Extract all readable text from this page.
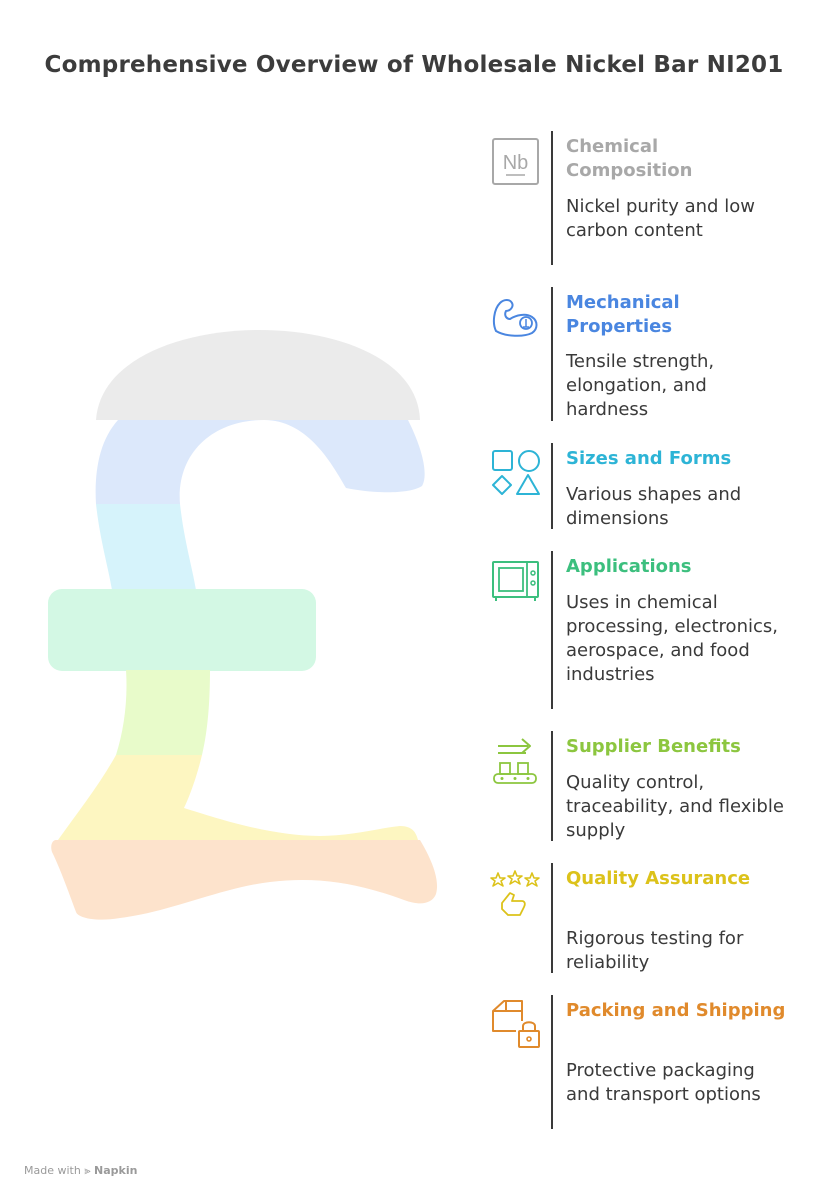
Comprehensive Overview of Wholesale Nickel Bar NI201
Nb
Chemical Composition
Nickel purity and low carbon content
Mechanical Properties
Tensile strength, elongation, and hardness
Sizes and Forms
Various shapes and dimensions
Applications
Uses in chemical processing, electronics, aerospace, and food industries
Supplier Benefits
Quality control, traceability, and flexible supply
Quality Assurance
Rigorous testing for reliability
Packing and Shipping
Protective packaging and transport options
Made with ⫸ Napkin
